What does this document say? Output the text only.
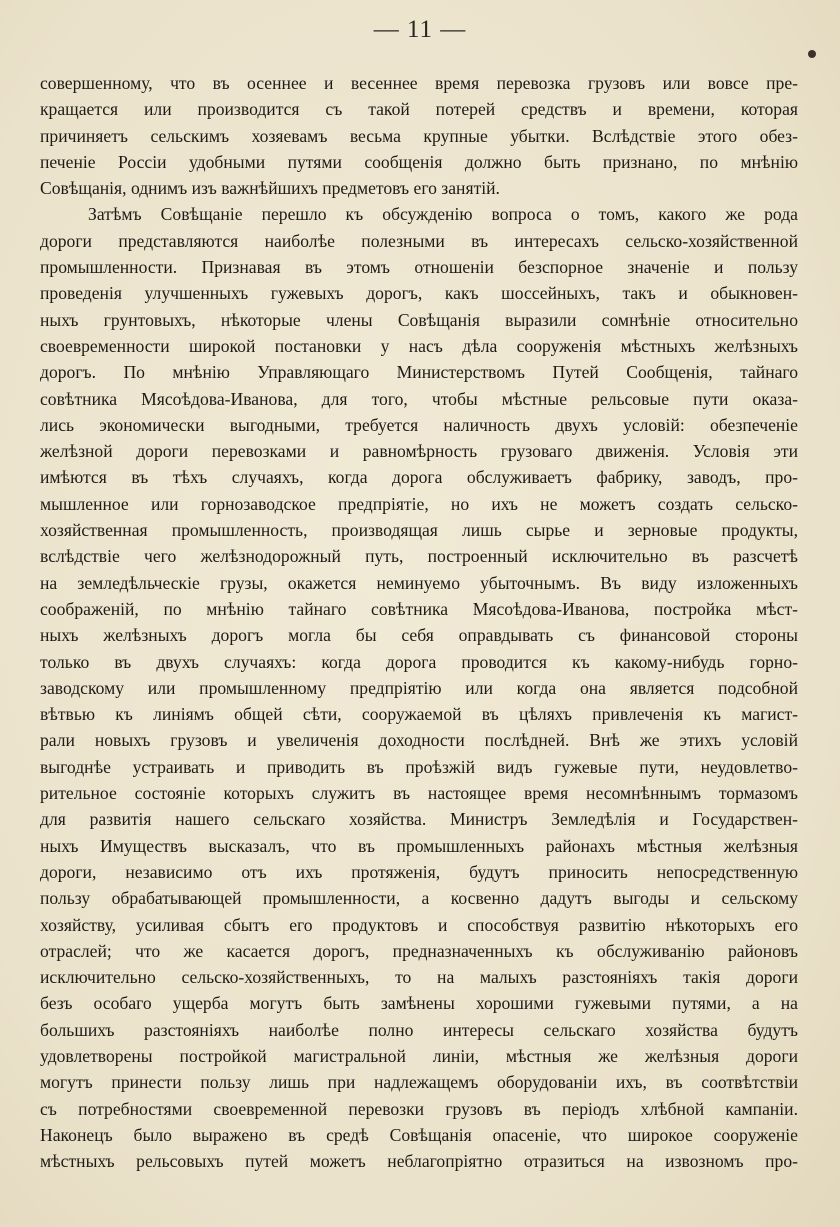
— 11 —
совершенному, что въ осеннее и весеннее время перевозка грузовъ или вовсе пре-
кращается или производится съ такой потерей средствъ и времени, которая
причиняетъ сельскимъ хозяевамъ весьма крупные убытки. Вслѣдствіе этого обез-
печеніе Россіи удобными путями сообщенія должно быть признано, по мнѣнію
Совѣщанія, однимъ изъ важнѣйшихъ предметовъ его занятій.
Затѣмъ Совѣщаніе перешло къ обсужденію вопроса о томъ, какого же рода
дороги представляются наиболѣе полезными въ интересахъ сельско-хозяйственной
промышленности. Признавая въ этомъ отношеніи безспорное значеніе и пользу
проведенія улучшенныхъ гужевыхъ дорогъ, какъ шоссейныхъ, такъ и обыкновен-
ныхъ грунтовыхъ, нѣкоторые члены Совѣщанія выразили сомнѣніе относительно
своевременности широкой постановки у насъ дѣла сооруженія мѣстныхъ желѣзныхъ
дорогъ. По мнѣнію Управляющаго Министерствомъ Путей Сообщенія, тайнаго
совѣтника Мясоѣдова-Иванова, для того, чтобы мѣстные рельсовые пути оказа-
лись экономически выгодными, требуется наличность двухъ условій: обезпеченіе
желѣзной дороги перевозками и равномѣрность грузоваго движенія. Условія эти
имѣются въ тѣхъ случаяхъ, когда дорога обслуживаетъ фабрику, заводъ, про-
мышленное или горнозаводское предпріятіе, но ихъ не можетъ создать сельско-
хозяйственная промышленность, производящая лишь сырье и зерновые продукты,
вслѣдствіе чего желѣзнодорожный путь, построенный исключительно въ разсчетѣ
на земледѣльческіе грузы, окажется неминуемо убыточнымъ. Въ виду изложенныхъ
соображеній, по мнѣнію тайнаго совѣтника Мясоѣдова-Иванова, постройка мѣст-
ныхъ желѣзныхъ дорогъ могла бы себя оправдывать съ финансовой стороны
только въ двухъ случаяхъ: когда дорога проводится къ какому-нибудь горно-
заводскому или промышленному предпріятію или когда она является подсобной
вѣтвью къ линіямъ общей сѣти, сооружаемой въ цѣляхъ привлеченія къ магист-
рали новыхъ грузовъ и увеличенія доходности послѣдней. Внѣ же этихъ условій
выгоднѣе устраивать и приводить въ проѣзжій видъ гужевые пути, неудовлетво-
рительное состояніе которыхъ служитъ въ настоящее время несомнѣннымъ тормазомъ
для развитія нашего сельскаго хозяйства. Министръ Земледѣлія и Государствен-
ныхъ Имуществъ высказалъ, что въ промышленныхъ районахъ мѣстныя желѣзныя
дороги, независимо отъ ихъ протяженія, будутъ приносить непосредственную
пользу обрабатывающей промышленности, а косвенно дадутъ выгоды и сельскому
хозяйству, усиливая сбытъ его продуктовъ и способствуя развитію нѣкоторыхъ его
отраслей; что же касается дорогъ, предназначенныхъ къ обслуживанію районовъ
исключительно сельско-хозяйственныхъ, то на малыхъ разстояніяхъ такія дороги
безъ особаго ущерба могутъ быть замѣнены хорошими гужевыми путями, а на
большихъ разстояніяхъ наиболѣе полно интересы сельскаго хозяйства будутъ
удовлетворены постройкой магистральной линіи, мѣстныя же желѣзныя дороги
могутъ принести пользу лишь при надлежащемъ оборудованіи ихъ, въ соотвѣтствіи
съ потребностями своевременной перевозки грузовъ въ періодъ хлѣбной кампаніи.
Наконецъ было выражено въ средѣ Совѣщанія опасеніе, что широкое сооруженіе
мѣстныхъ рельсовыхъ путей можетъ неблагопріятно отразиться на извозномъ про-
